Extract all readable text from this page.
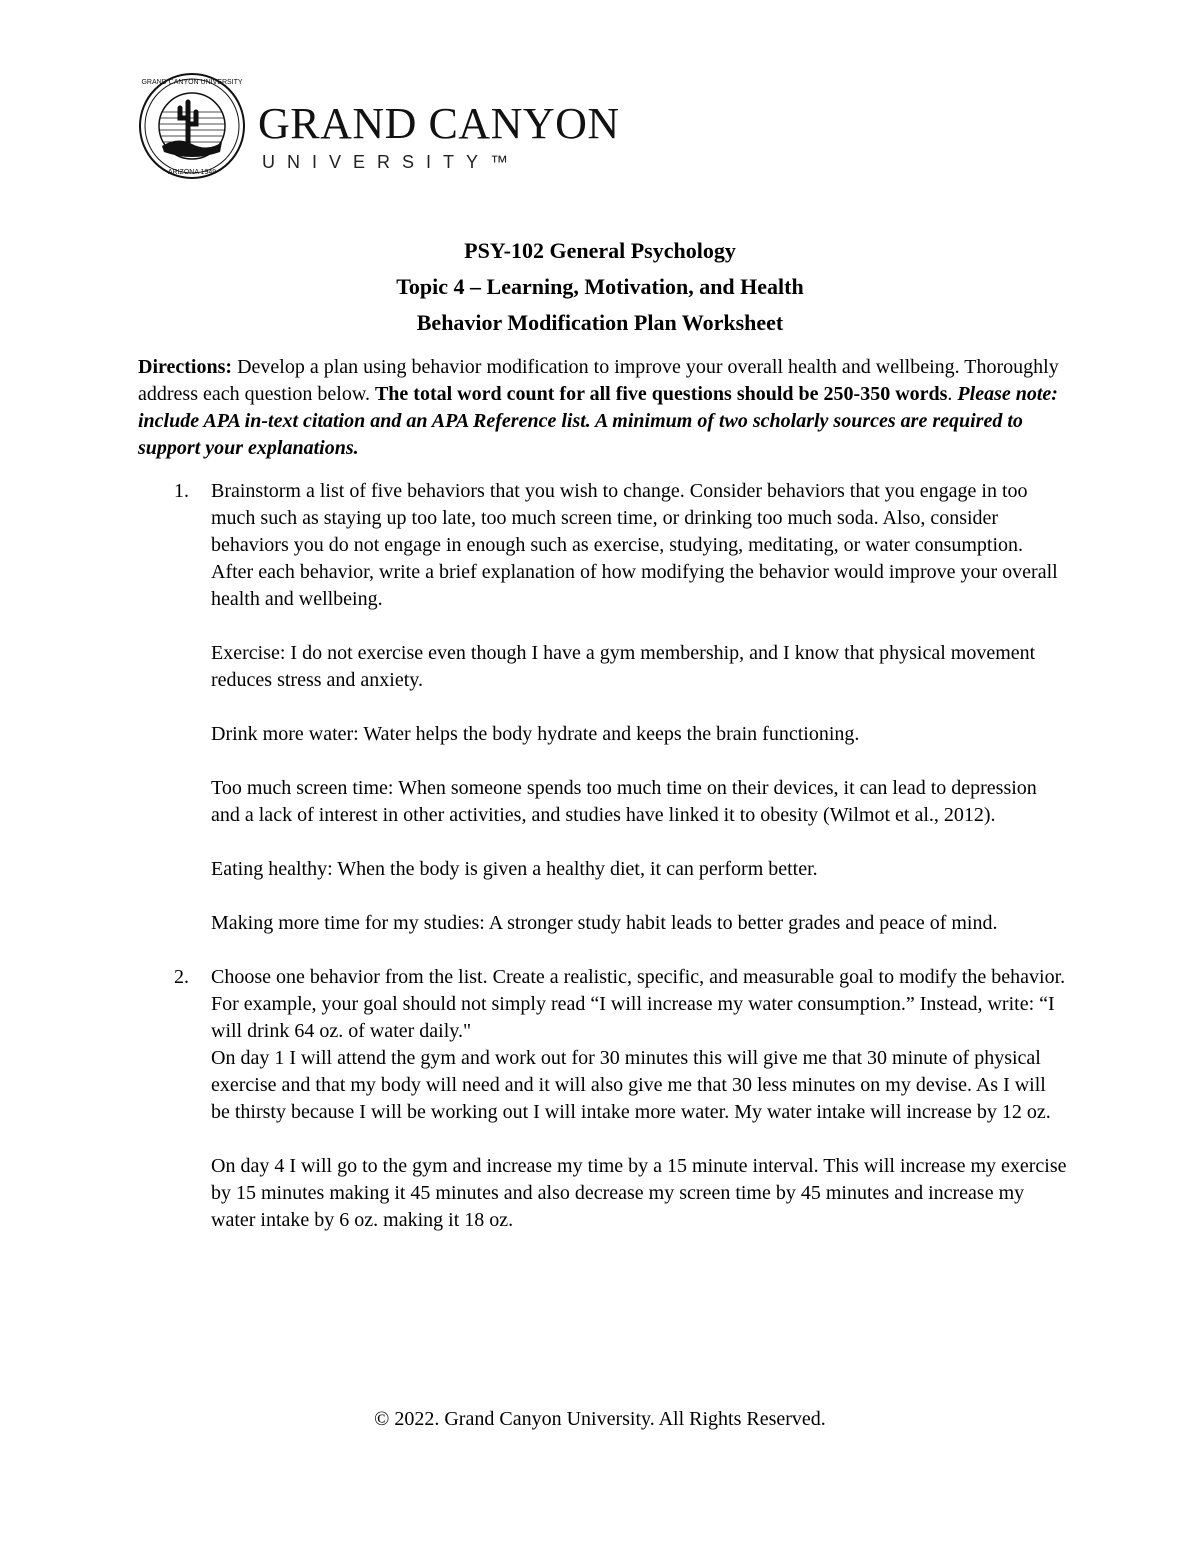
GRAND CANYON UNIVERSITY
ARIZONA 1949
GRAND CANYON
UNIVERSITY™
PSY-102 General Psychology
Topic 4 – Learning, Motivation, and Health
Behavior Modification Plan Worksheet
Directions: Develop a plan using behavior modification to improve your overall health and wellbeing. Thoroughly address each question below. The total word count for all five questions should be 250-350 words. Please note: include APA in-text citation and an APA Reference list. A minimum of two scholarly sources are required to support your explanations.
1. Brainstorm a list of five behaviors that you wish to change. Consider behaviors that you engage in too much such as staying up too late, too much screen time, or drinking too much soda. Also, consider behaviors you do not engage in enough such as exercise, studying, meditating, or water consumption. After each behavior, write a brief explanation of how modifying the behavior would improve your overall health and wellbeing.

Exercise: I do not exercise even though I have a gym membership, and I know that physical movement reduces stress and anxiety.

Drink more water: Water helps the body hydrate and keeps the brain functioning.

Too much screen time: When someone spends too much time on their devices, it can lead to depression and a lack of interest in other activities, and studies have linked it to obesity (Wilmot et al., 2012).

Eating healthy: When the body is given a healthy diet, it can perform better.

Making more time for my studies: A stronger study habit leads to better grades and peace of mind.

2. Choose one behavior from the list. Create a realistic, specific, and measurable goal to modify the behavior. For example, your goal should not simply read “I will increase my water consumption.” Instead, write: “I will drink 64 oz. of water daily."

On day 1 I will attend the gym and work out for 30 minutes this will give me that 30 minute of physical exercise and that my body will need and it will also give me that 30 less minutes on my devise. As I will be thirsty because I will be working out I will intake more water. My water intake will increase by 12 oz.

On day 4 I will go to the gym and increase my time by a 15 minute interval. This will increase my exercise by 15 minutes making it 45 minutes and also decrease my screen time by 45 minutes and increase my water intake by 6 oz. making it 18 oz.

© 2022. Grand Canyon University. All Rights Reserved.
